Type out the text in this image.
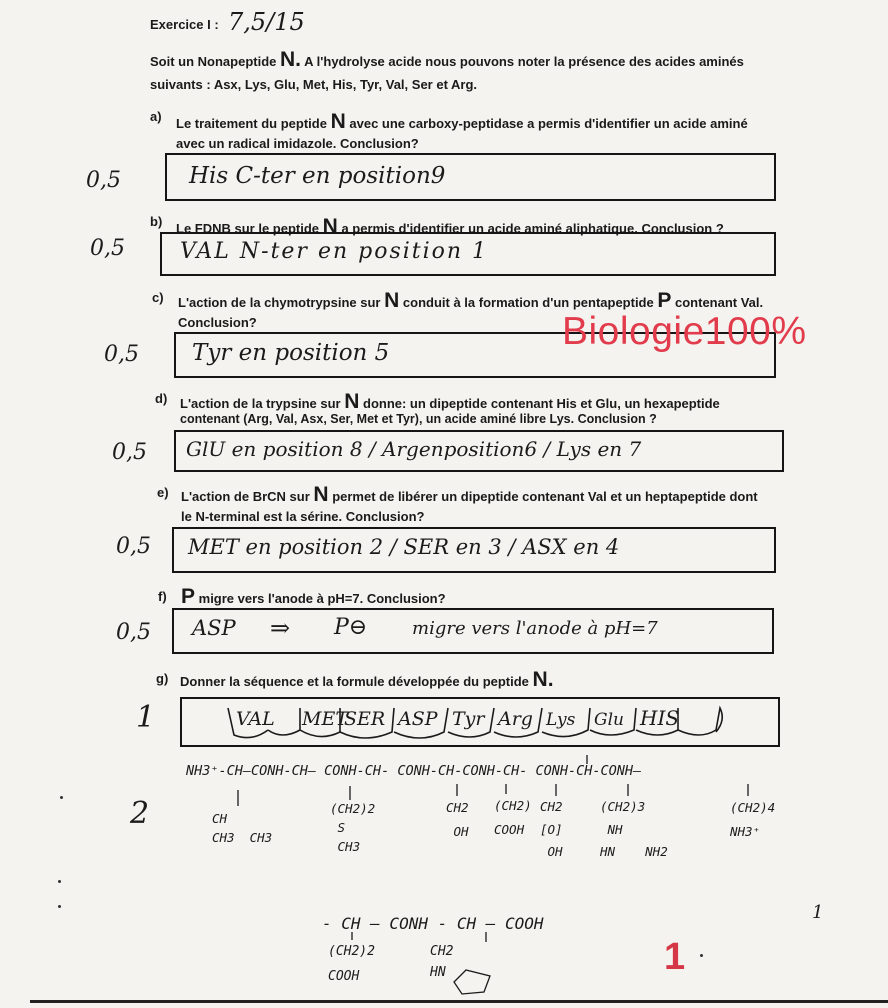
Exercice I : 7,5/15
Soit un Nonapeptide N. A l'hydrolyse acide nous pouvons noter la présence des acides aminés
suivants : Asx, Lys, Glu, Met, His, Tyr, Val, Ser et Arg.
a) Le traitement du peptide N avec une carboxy-peptidase a permis d'identifier un acide aminé
avec un radical imidazole. Conclusion?
0,5	His C-ter en position9
b) Le FDNB sur le peptide N a permis d'identifier un acide aminé aliphatique. Conclusion ?
0,5	VAL N-ter en position 1
c) L'action de la chymotrypsine sur N conduit à la formation d'un pentapeptide P contenant Val.
Conclusion?
0,5 Tyr en position 5	Biologie100%
d) L'action de la trypsine sur N donne: un dipeptide contenant His et Glu, un hexapeptide
contenant (Arg, Val, Asx, Ser, Met et Tyr), un acide aminé libre Lys. Conclusion ?
0,5 GlU en position 8 / Argenposition6 / Lys en 7
e) L'action de BrCN sur N permet de libérer un dipeptide contenant Val et un heptapeptide dont
le N-terminal est la sérine. Conclusion?
0,5 MET en position 2 / SER en 3 / ASX en 4
f) P migre vers l'anode à pH=7. Conclusion?
0,5 ASP ⇒ P⊖ migre vers l'anode à pH=7
g) Donner la séquence et la formule développée du peptide N.
1	VAL MET
SER ASP Tyr Arg Lys Glu HIS
2
NH3⁺-CH—CONH-CH— CONH-CH- CONH-CH-CONH-CH- CONH-CH-CONH—
CH
CH3  CH3
(CH2)2
S
CH3
CH2
OH
(CH2)
COOH
CH2
[O]
OH
(CH2)3
NH
HN    NH2
(CH2)4
NH3⁺
- CH — CONH - CH — COOH
(CH2)2
COOH
CH2
HN
1
1
